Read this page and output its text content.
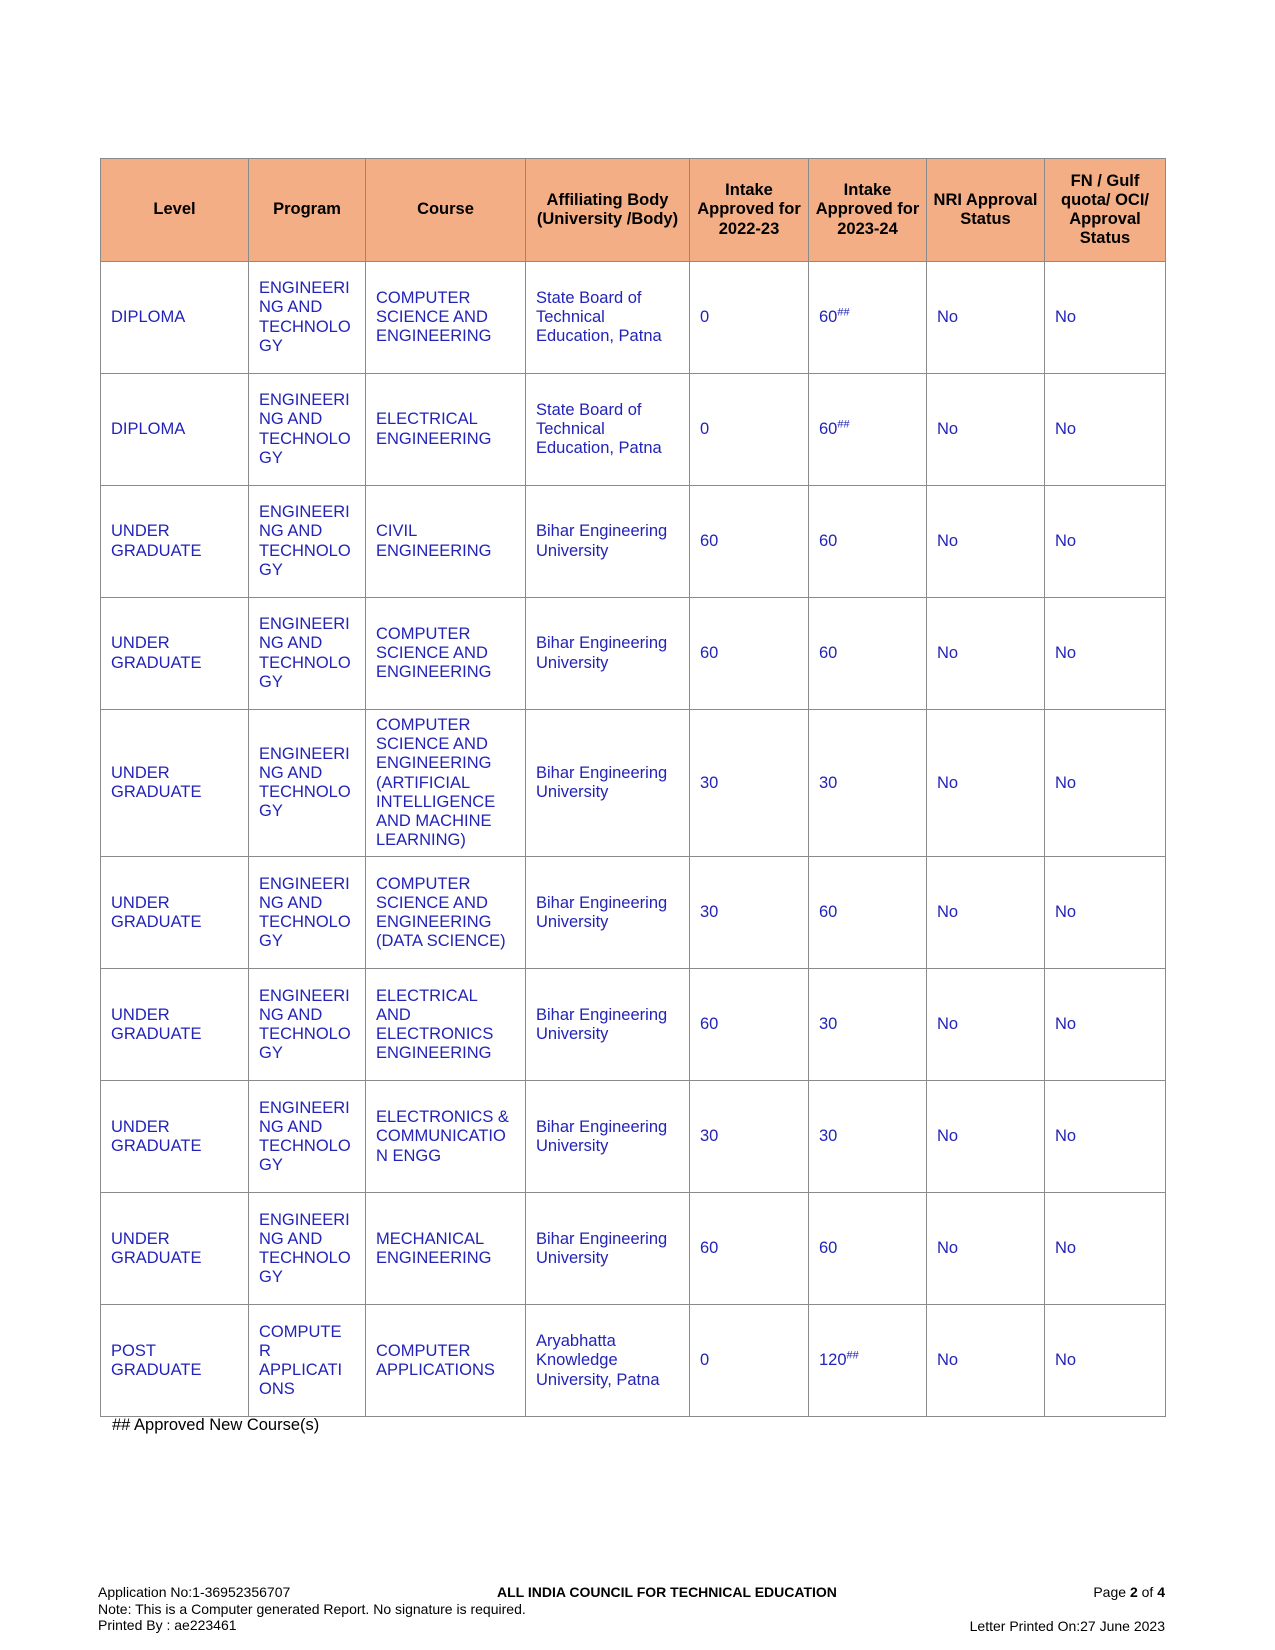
Level	Program	Course	Affiliating Body (University /Body)	Intake Approved for 2022-23	Intake Approved for 2023-24	NRI Approval Status	FN / Gulf quota/ OCI/ Approval Status
DIPLOMA	ENGINEERI
NG AND
TECHNOLO
GY	COMPUTER SCIENCE AND ENGINEERING	State Board of Technical Education, Patna	0	60##	No	No
DIPLOMA	ENGINEERI
NG AND
TECHNOLO
GY	ELECTRICAL ENGINEERING	State Board of Technical Education, Patna	0	60##	No	No
UNDER GRADUATE	ENGINEERI
NG AND
TECHNOLO
GY	CIVIL ENGINEERING	Bihar Engineering University	60	60	No	No
UNDER GRADUATE	ENGINEERI
NG AND
TECHNOLO
GY	COMPUTER SCIENCE AND ENGINEERING	Bihar Engineering University	60	60	No	No
UNDER GRADUATE	ENGINEERI
NG AND
TECHNOLO
GY	COMPUTER SCIENCE AND ENGINEERING (ARTIFICIAL INTELLIGENCE AND MACHINE LEARNING)	Bihar Engineering University	30	30	No	No
UNDER GRADUATE	ENGINEERI
NG AND
TECHNOLO
GY	COMPUTER SCIENCE AND ENGINEERING (DATA SCIENCE)	Bihar Engineering University	30	60	No	No
UNDER GRADUATE	ENGINEERI
NG AND
TECHNOLO
GY	ELECTRICAL AND ELECTRONICS ENGINEERING	Bihar Engineering University	60	30	No	No
UNDER GRADUATE	ENGINEERI
NG AND
TECHNOLO
GY	ELECTRONICS & COMMUNICATIO N ENGG	Bihar Engineering University	30	30	No	No
UNDER GRADUATE	ENGINEERI
NG AND
TECHNOLO
GY	MECHANICAL ENGINEERING	Bihar Engineering University	60	60	No	No
POST GRADUATE	COMPUTE
R
APPLICATI
ONS	COMPUTER APPLICATIONS	Aryabhatta Knowledge University, Patna	0	120##	No	No
## Approved New Course(s)
Application No:1-36952356707
Note: This is a Computer generated Report. No signature is required.
Printed By : ae223461
ALL INDIA COUNCIL FOR TECHNICAL EDUCATION	Page 2 of 4
Letter Printed On:27 June 2023
